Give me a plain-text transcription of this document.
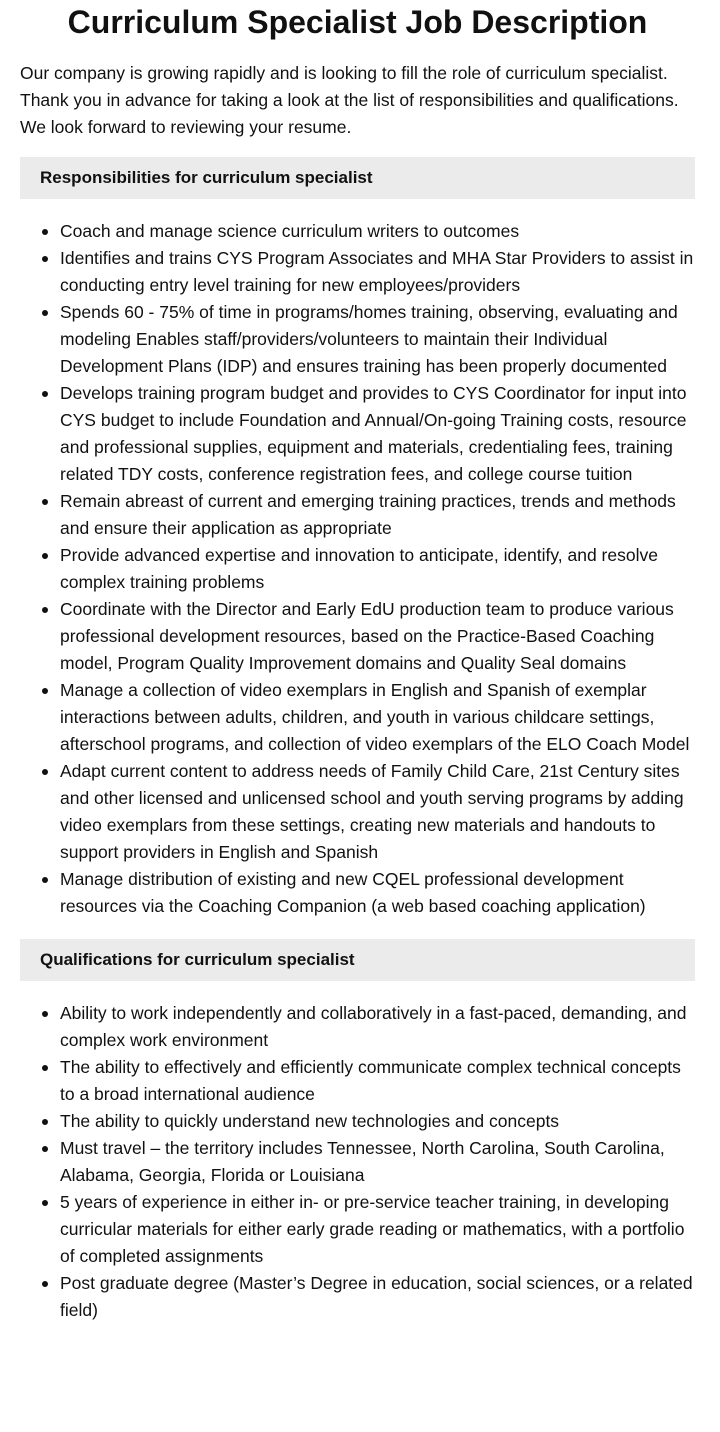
Curriculum Specialist Job Description

Our company is growing rapidly and is looking to fill the role of curriculum specialist. Thank you in advance for taking a look at the list of responsibilities and qualifications. We look forward to reviewing your resume.

Responsibilities for curriculum specialist
Coach and manage science curriculum writers to outcomes
Identifies and trains CYS Program Associates and MHA Star Providers to assist in conducting entry level training for new employees/providers
Spends 60 - 75% of time in programs/homes training, observing, evaluating and modeling Enables staff/providers/volunteers to maintain their Individual Development Plans (IDP) and ensures training has been properly documented
Develops training program budget and provides to CYS Coordinator for input into CYS budget to include Foundation and Annual/On-going Training costs, resource and professional supplies, equipment and materials, credentialing fees, training related TDY costs, conference registration fees, and college course tuition
Remain abreast of current and emerging training practices, trends and methods and ensure their application as appropriate
Provide advanced expertise and innovation to anticipate, identify, and resolve complex training problems
Coordinate with the Director and Early EdU production team to produce various professional development resources, based on the Practice-Based Coaching model, Program Quality Improvement domains and Quality Seal domains
Manage a collection of video exemplars in English and Spanish of exemplar interactions between adults, children, and youth in various childcare settings, afterschool programs, and collection of video exemplars of the ELO Coach Model
Adapt current content to address needs of Family Child Care, 21st Century sites and other licensed and unlicensed school and youth serving programs by adding video exemplars from these settings, creating new materials and handouts to support providers in English and Spanish
Manage distribution of existing and new CQEL professional development resources via the Coaching Companion (a web based coaching application)
Qualifications for curriculum specialist
Ability to work independently and collaboratively in a fast-paced, demanding, and complex work environment
The ability to effectively and efficiently communicate complex technical concepts to a broad international audience
The ability to quickly understand new technologies and concepts
Must travel – the territory includes Tennessee, North Carolina, South Carolina, Alabama, Georgia, Florida or Louisiana
5 years of experience in either in- or pre-service teacher training, in developing curricular materials for either early grade reading or mathematics, with a portfolio of completed assignments
Post graduate degree (Master’s Degree in education, social sciences, or a related field)
